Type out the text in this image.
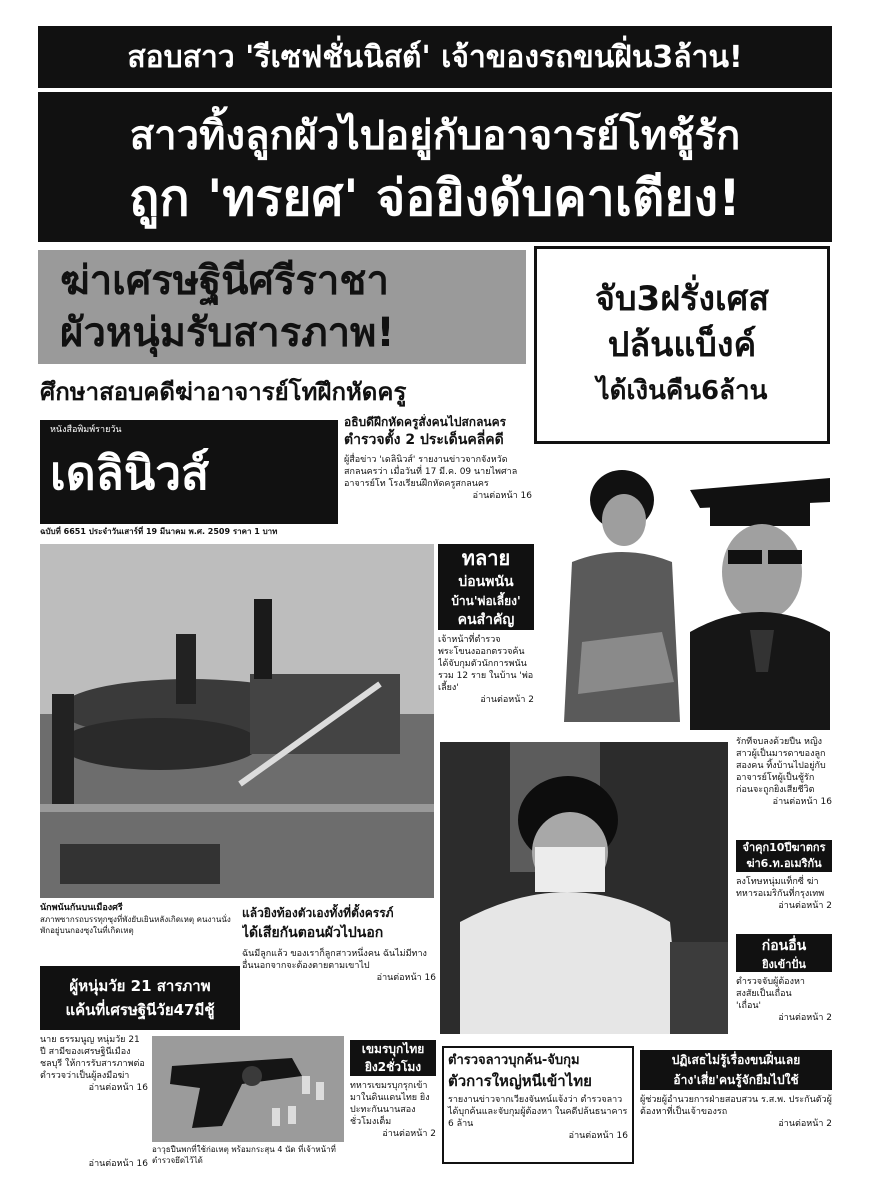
สอบสาว 'รีเซฟชั่นนิสต์' เจ้าของรถขนฝิ่น3ล้าน!
สาวทิ้งลูกผัวไปอยู่กับอาจารย์โทชู้รัก
ถูก 'ทรยศ' จ่อยิงดับคาเตียง!
ฆ่าเศรษฐินีศรีราชา
ผัวหนุ่มรับสารภาพ!
จับ3ฝรั่งเศส
ปล้นแบ็งค์
ได้เงินคืน6ล้าน
ศึกษาสอบคดีฆ่าอาจารย์โทฝึกหัดครู
หนังสือพิมพ์รายวัน
เดลินิวส์
ฉบับที่ 6651 ประจำวันเสาร์ที่ 19 มีนาคม พ.ศ. 2509 ราคา 1 บาท
อธิบดีฝึกหัดครูสั่งคนไปสกลนคร
ตำรวจตั้ง 2 ประเด็นคลี่คดี
ผู้สื่อข่าว 'เดลินิวส์' รายงานข่าวจากจังหวัดสกลนครว่า เมื่อวันที่ 17 มี.ค. 09 นายไพศาล อาจารย์โท โรงเรียนฝึกหัดครูสกลนคร
อ่านต่อหน้า 16
ทลาย
บ่อนพนัน
บ้าน'พ่อเลี้ยง'
คนสำคัญ
เจ้าหน้าที่ตำรวจพระโขนงออกตรวจค้นได้จับกุมตัวนักการพนันรวม 12 ราย ในบ้าน 'พ่อเลี้ยง'
อ่านต่อหน้า 2
รักที่จบลงด้วยปืน หญิงสาวผู้เป็นมารดาของลูกสองคน ทิ้งบ้านไปอยู่กับอาจารย์โทผู้เป็นชู้รัก ก่อนจะถูกยิงเสียชีวิต
อ่านต่อหน้า 16
จำคุก10ปีฆาตกร
ฆ่า6.ท.อเมริกัน
ลงโทษหนุ่มแท็กซี่ ฆ่าทหารอเมริกันที่กรุงเทพ
อ่านต่อหน้า 2
ก่อนอื่น
ยิงเข้าปั่น
ตำรวจจับผู้ต้องหา
สงสัยเป็นเถื่อน
'เถื่อน'
อ่านต่อหน้า 2
นักพนันกันบนเมืองศรี
สภาพซากรถบรรทุกซุงที่พังยับเยินหลังเกิดเหตุ คนงานนั่งพักอยู่บนกองซุงในที่เกิดเหตุ
แล้วยิงท้องตัวเองทั้งที่ตั้งครรภ์
ได้เสียกันตอนผัวไปนอก
ฉันมีลูกแล้ว ของเราก็ลูกสาวหนึ่งคน ฉันไม่มีทางอื่นนอกจากจะต้องตายตามเขาไป
อ่านต่อหน้า 16
ผู้หนุ่มวัย 21 สารภาพ
แค้นที่เศรษฐินีวัย47มีชู้
นาย ธรรมนูญ หนุ่มวัย 21 ปี สามีของเศรษฐินีเมืองชลบุรี ให้การรับสารภาพต่อตำรวจว่าเป็นผู้ลงมือฆ่า
อ่านต่อหน้า 16
อาวุธปืนพกที่ใช้ก่อเหตุ พร้อมกระสุน 4 นัด ที่เจ้าหน้าที่ตำรวจยึดไว้ได้
อ่านต่อหน้า 16
เขมรบุกไทย
ยิง2ชั่วโมง
ทหารเขมรบุกรุกเข้ามาในดินแดนไทย ยิงปะทะกันนานสองชั่วโมงเต็ม
อ่านต่อหน้า 2
ตำรวจลาวบุกค้น-จับกุม
ตัวการใหญ่หนีเข้าไทย
รายงานข่าวจากเวียงจันทน์แจ้งว่า ตำรวจลาวได้บุกค้นและจับกุมผู้ต้องหา ในคดีปล้นธนาคาร 6 ล้าน
อ่านต่อหน้า 16
ปฏิเสธไม่รู้เรื่องขนฝิ่นเลย
อ้าง'เสี่ย'คนรู้จักยืมไปใช้
ผู้ช่วยผู้อำนวยการฝ่ายสอบสวน ร.ส.พ. ประกันตัวผู้ต้องหาที่เป็นเจ้าของรถ
อ่านต่อหน้า 2
